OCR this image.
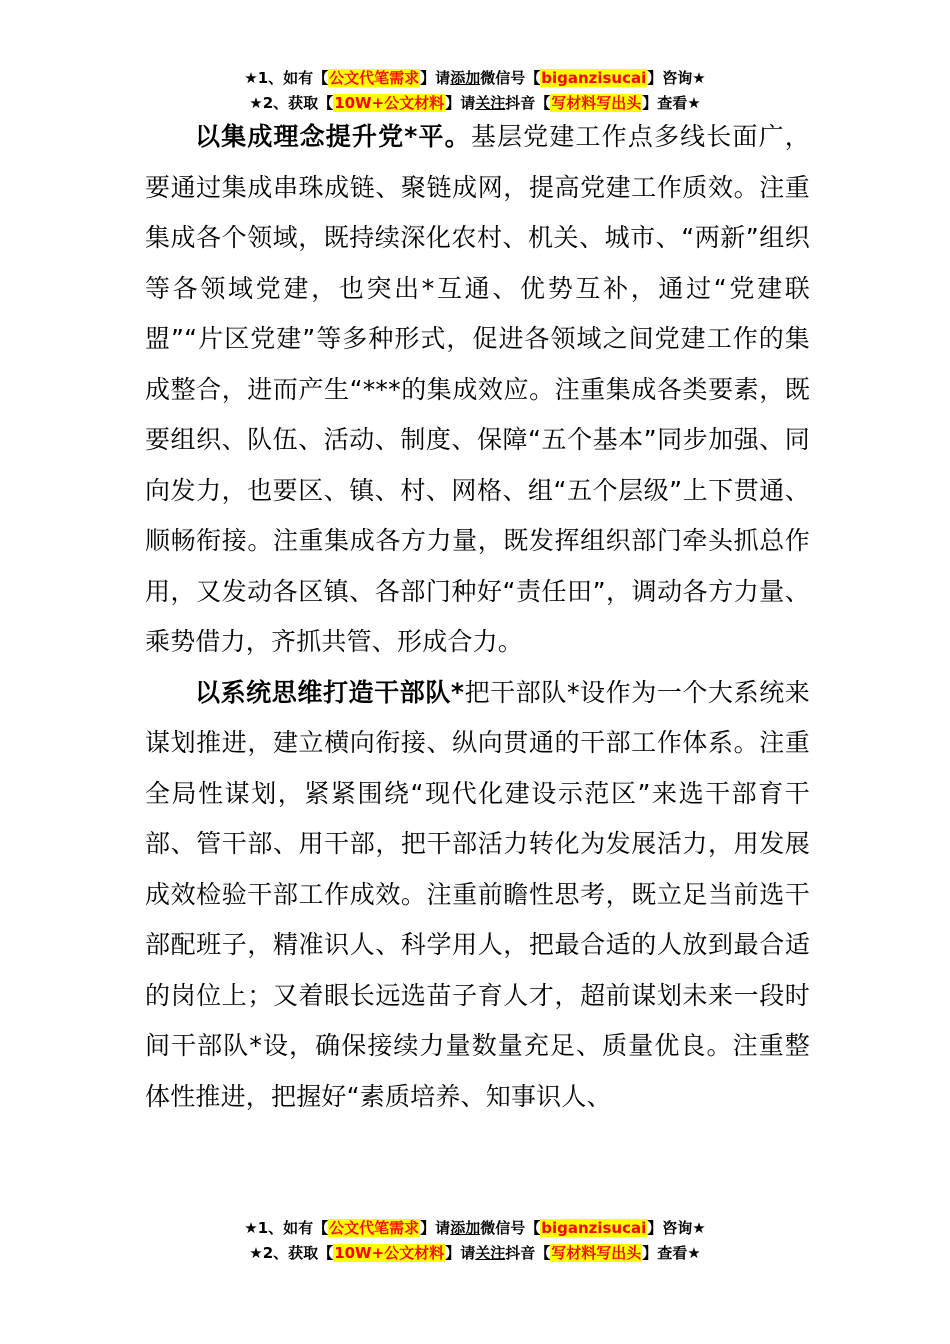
★1、如有【公文代笔需求】请添加微信号【biganzisucai】咨询★
★2、获取【10W+公文材料】请关注抖音【写材料写出头】查看★

以集成理念提升党*平。基层党建工作点多线长面广，要通过集成串珠成链、聚链成网，提高党建工作质效。注重集成各个领域，既持续深化农村、机关、城市、“两新”组织等各领域党建，也突出*互通、优势互补，通过“党建联盟”“片区党建”等多种形式，促进各领域之间党建工作的集成整合，进而产生“***的集成效应。注重集成各类要素，既要组织、队伍、活动、制度、保障“五个基本”同步加强、同向发力，也要区、镇、村、网格、组“五个层级”上下贯通、顺畅衔接。注重集成各方力量，既发挥组织部门牵头抓总作用，又发动各区镇、各部门种好“责任田”，调动各方力量、乘势借力，齐抓共管、形成合力。

以系统思维打造干部队*把干部队*设作为一个大系统来谋划推进，建立横向衔接、纵向贯通的干部工作体系。注重全局性谋划，紧紧围绕“现代化建设示范区”来选干部育干部、管干部、用干部，把干部活力转化为发展活力，用发展成效检验干部工作成效。注重前瞻性思考，既立足当前选干部配班子，精准识人、科学用人，把最合适的人放到最合适的岗位上；又着眼长远选苗子育人才，超前谋划未来一段时间干部队*设，确保接续力量数量充足、质量优良。注重整体性推进，把握好“素质培养、知事识人、

★1、如有【公文代笔需求】请添加微信号【biganzisucai】咨询★
★2、获取【10W+公文材料】请关注抖音【写材料写出头】查看★
